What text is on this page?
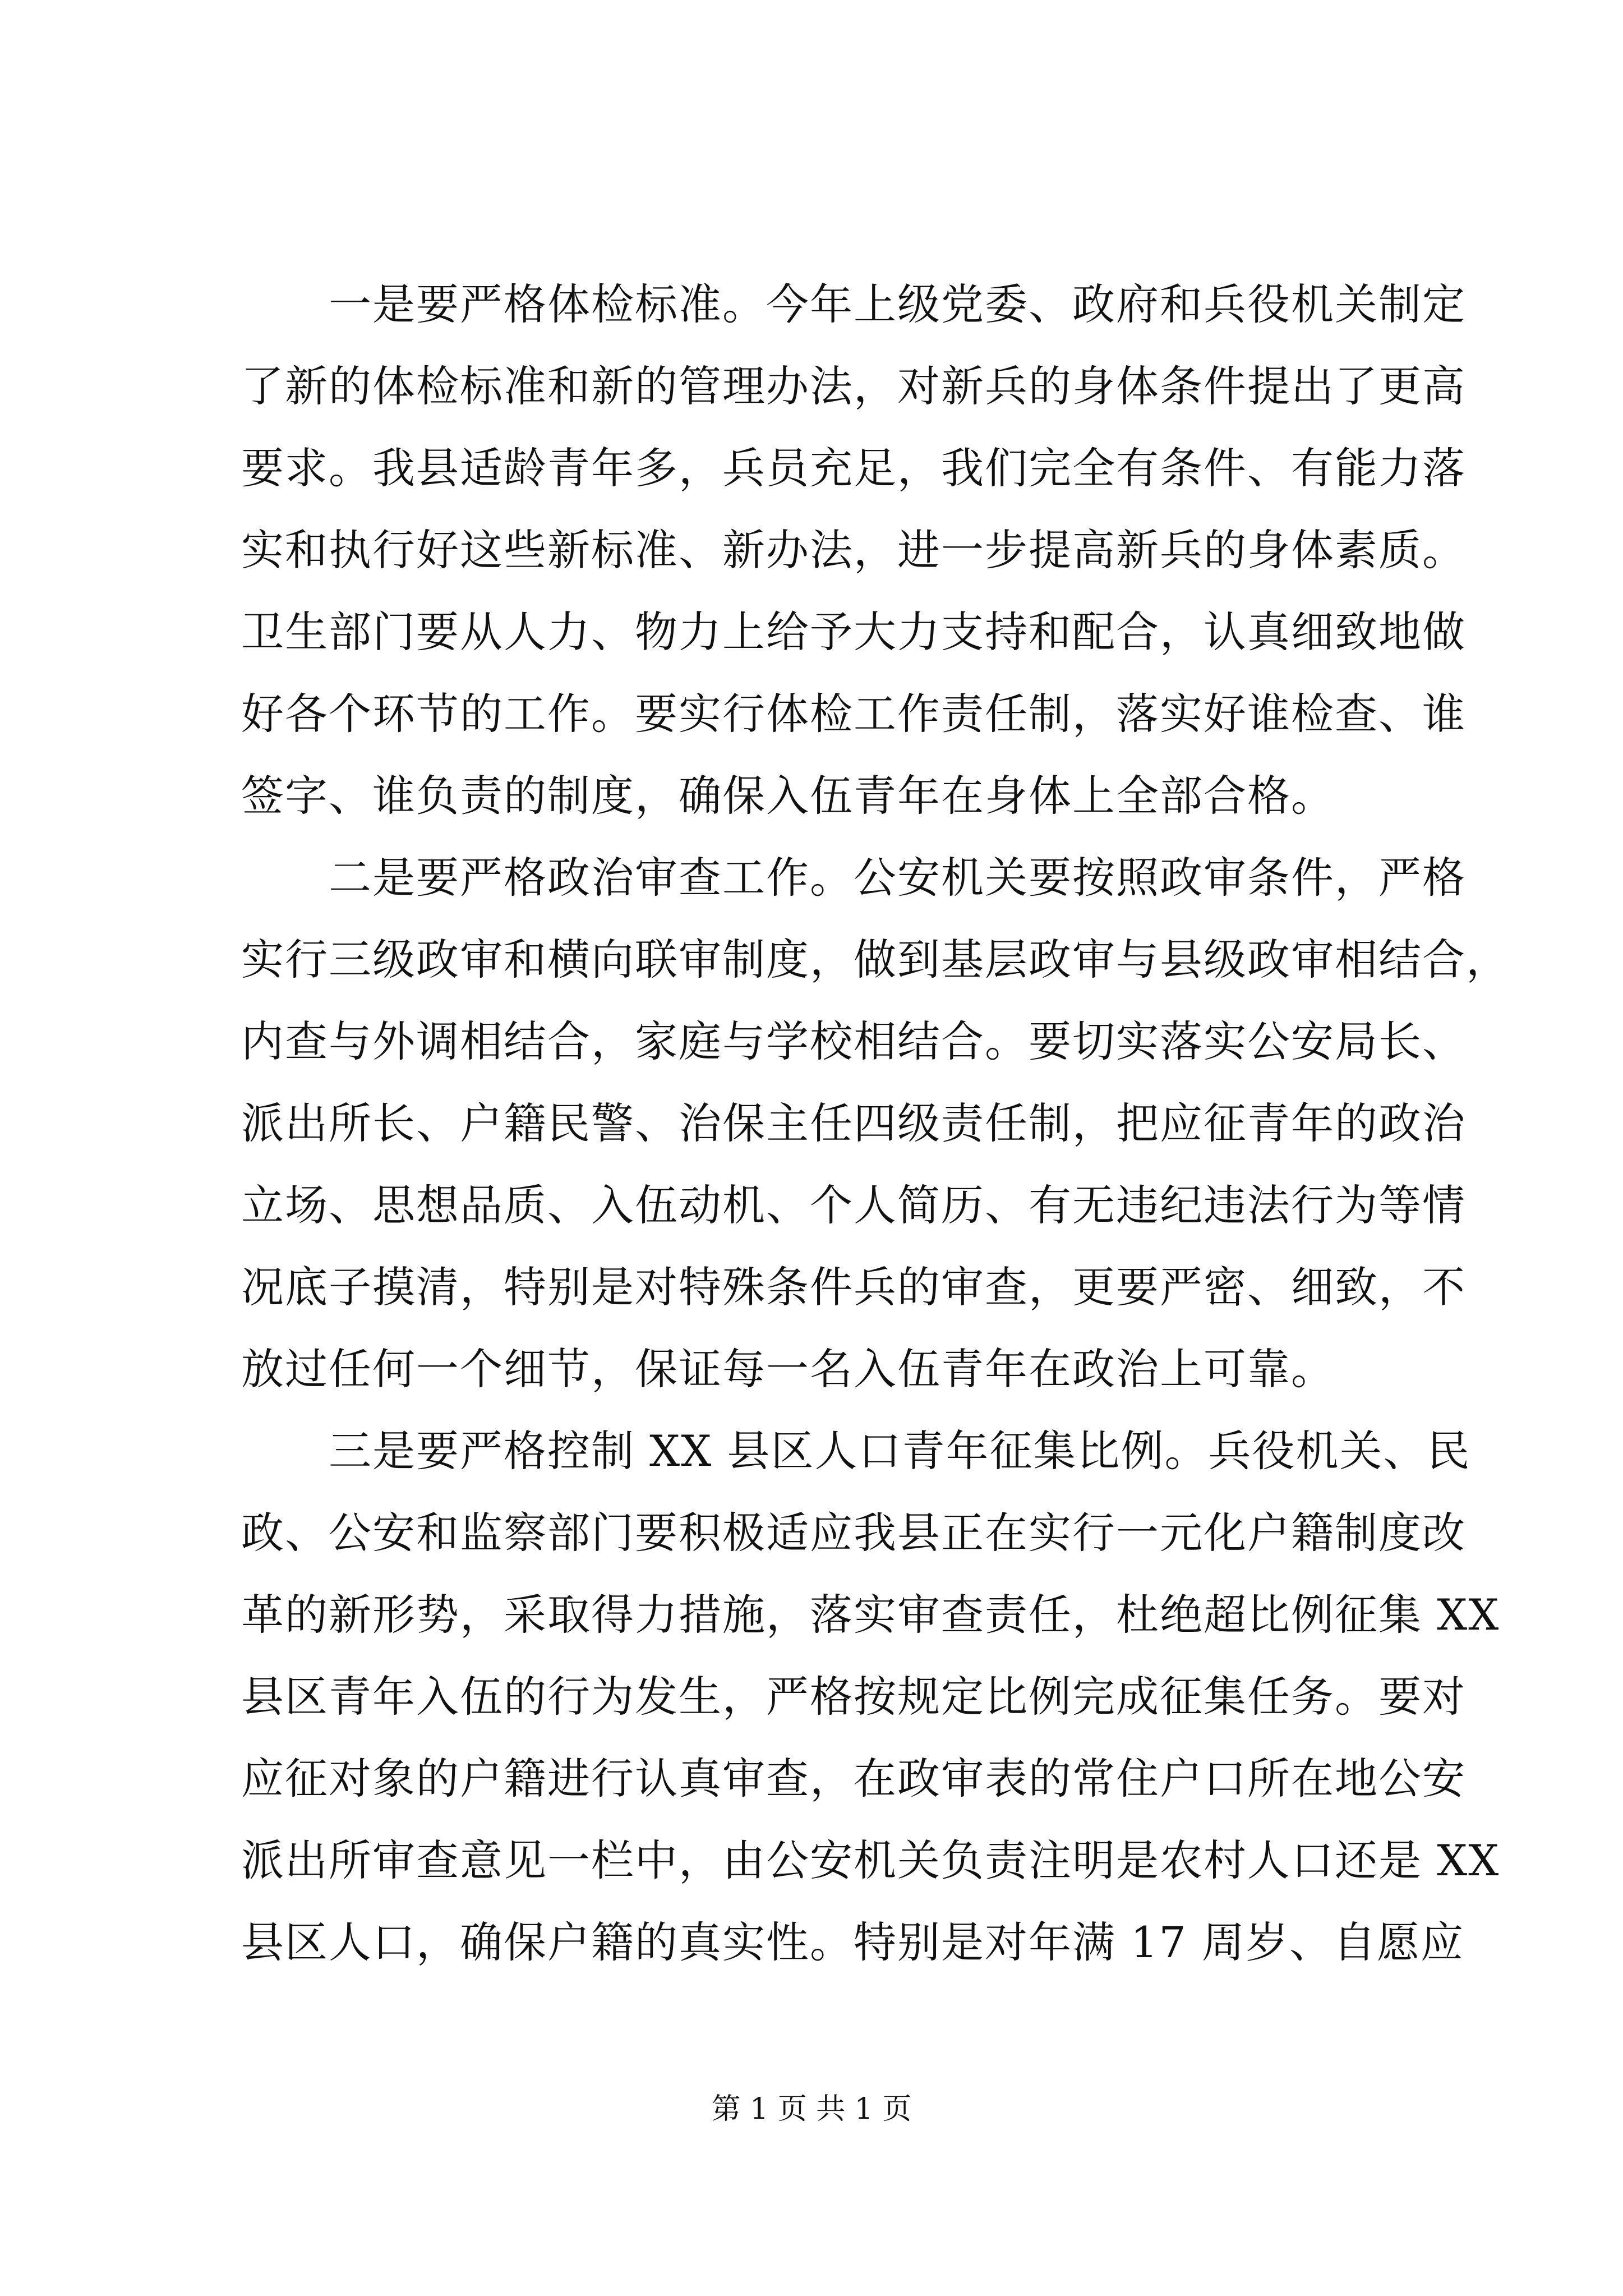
　　一是要严格体检标准。今年上级党委、政府和兵役机关制定
了新的体检标准和新的管理办法，对新兵的身体条件提出了更高
要求。我县适龄青年多，兵员充足，我们完全有条件、有能力落
实和执行好这些新标准、新办法，进一步提高新兵的身体素质。
卫生部门要从人力、物力上给予大力支持和配合，认真细致地做
好各个环节的工作。要实行体检工作责任制，落实好谁检查、谁
签字、谁负责的制度，确保入伍青年在身体上全部合格。
　　二是要严格政治审查工作。公安机关要按照政审条件，严格
实行三级政审和横向联审制度，做到基层政审与县级政审相结合，
内查与外调相结合，家庭与学校相结合。要切实落实公安局长、
派出所长、户籍民警、治保主任四级责任制，把应征青年的政治
立场、思想品质、入伍动机、个人简历、有无违纪违法行为等情
况底子摸清，特别是对特殊条件兵的审查，更要严密、细致，不
放过任何一个细节，保证每一名入伍青年在政治上可靠。
　　三是要严格控制 XX 县区人口青年征集比例。兵役机关、民
政、公安和监察部门要积极适应我县正在实行一元化户籍制度改
革的新形势，采取得力措施，落实审查责任，杜绝超比例征集 XX
县区青年入伍的行为发生，严格按规定比例完成征集任务。要对
应征对象的户籍进行认真审查，在政审表的常住户口所在地公安
派出所审查意见一栏中，由公安机关负责注明是农村人口还是 XX
县区人口，确保户籍的真实性。特别是对年满 17 周岁、自愿应
第 1 页 共 1 页
